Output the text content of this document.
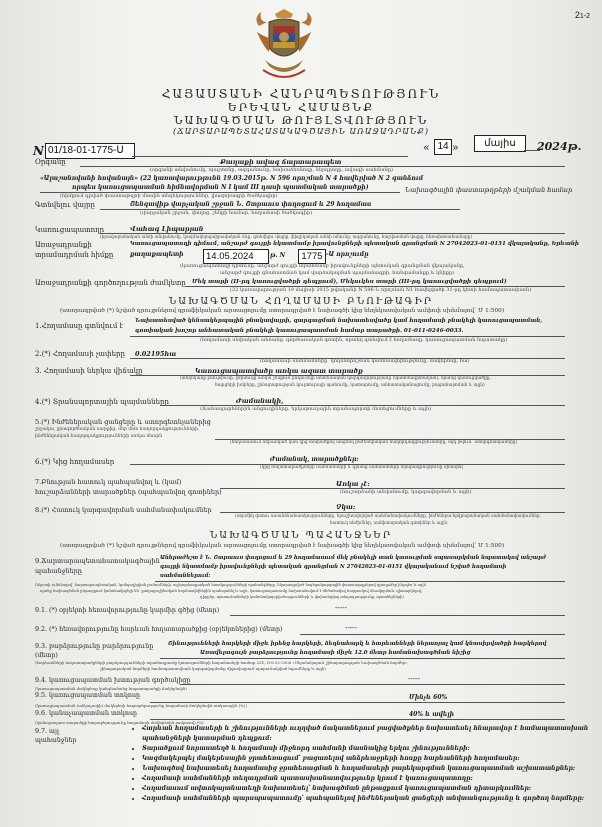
21-2
ՀԱՅԱՍՏԱՆԻ ՀԱՆՐԱՊԵՏՈՒԹՅՈՒՆ
ԵՐԵՎԱՆ ՀԱՄԱՅՆՔ
ՆԱԽԱԳԾՄԱՆ ԹՈՒՅԼՏՎՈՒԹՅՈՒՆ
(ՃԱՐՏԱՐԱՊԵՏԱՀԱՏԱԿԱԳԾԱՅԻՆ ԱՌԱՋԱԴՐԱՆՔ)
N 01/18-01-1775-Ս	« 14 »	մայիս	2024թ.
Օրգանը	Քաղաքի ավագ ճարտարապետ
(օրգանի անվանումը, պաշտոնը, ազգանունը, նախաձեռնողը, ներդրողը, ավագի սահմանը)
«Ալաշանովանի հովանայն» (22 կառավարությունն 19.03.2015թ. N 596 որոշման N 4 հավելված N 2 գանձում
որպես կառուցապատման հիմնավորման N I կամ III դասի պատմական տարածքի)	Նախագծային փաստաթղթերի մշակման համար
(հիմքում դրված փաստաթղթի մասին տեղեկություններ, լիազորագրի ծածկագիր)
Գտնվելու վայրը	Շենգավիթ վարչական շրջան Ն. Շտրաուս փողոցում և 29 հողամաս
(վարչական շրջան, փողոց, շենքի համար, հողամասի ծածկագիր)
Կառուցապատողը	Վահագ Լիպարյան
(իրավաբանական անձի անվանումը, կազմակերպաիրավական ձևը, գտնվելու վայրը, ֆիզիկական անձի անունը, ազգանունը, հաշվառման վայրը, հեռախոսահամարը)
Առաջադրանքի
տրամադրման հիմքը
Կառուցապատողի դիմում, անշարժ գույքի նկատմամբ իրավունքների պետական գրանցման N 27042023-01-0151 վկայականը, Երևանի
քաղաքապետի	14.05.2024	թ. N	1775 -Ա որոշումը
(կառուցապատողի դիմումը, անշարժ գույքի նկատմամբ իրավունքների պետական գրանցման վկայականը,
անշարժ գույքի գնահատման կամ վարձակալման պայմանագրի, հանգամանքը և կնիքը)
Առաջադրանքի գործողության ժամկետը Մեկ տարի (II-րդ կառուցվածքի դեպքում), Մեկուկես տարի (III-րդ կառուցվածքի դեպքում)
(22 կառավարության 19 մայիսի 2015 թվականի N 596-Ն որոշման N1 հավելվածի 31-րդ կետի համապատասխան)
ՆԱԽԱԳԾՄԱՆ ՀՈՂԱՄԱՍԻ ԲՆՈՒԹԱԳԻՐ
(ստորագրված (*) նշված դրույթներով գրաֆիկական արտացոլումը ստորագրված է նախագծի կից նեղեկատվական ամփոփ սխեմայով՝ Մ 1:500)
1.Հողամասը գտնվում է
Նախատեսված կենսակերպային բնակավայրի, զարգացման նախատեսվածը կամ հողամասի բնակելի կառուցապատման,
գոտիական խոշոր անհատական բնակելի կառուցապատման համար տարածքի. 01-011-0246-0033.
(հողամասի սեփական անձանց, գործառական գոտին, որտեղ գտնվում է հողամասը, կառուցապատման նպատակը)
2.(*) Հողամասի չափերը 0.02195հա
(հողամասի սահմանները՝ կողմնորոշման կանոնավորությունը, մակերեսը, հա)
3. Հողամասի ներկա վիճակը	Կառուցապատվածը առկա ազատ տարածք
(տեղեկանք բնությունը, ջերմուկը առկա շենքում ընդունելի տնտեսական կարգավորությանը (պատմագիտական), նրանց կառուցվածքը,
հարցերի խմբերը, շինարարության կուլտուրայի պահումը, կատարումը, անհատականացումը, բացահայտման և այլն)
4.(*) Տրանսպորտային պայմանները	Ժամանակի,
(Ճանապարհներին անցուղիները, երկաթուղային տրանսպորտի մոտեցումները և այլն)
5.(*) Ինժեներական ցանցերը և ստորգետնյաներից
շրջակա, ջրագործնական սարքից, մեր մոտ հաղորդակցությունների,
ինժեներական հաղորդակցությունների առկա մասին
(հողամասում ներառված կամ կից տարածքով անցնող ինժեներական հաղորդակցությունները, այդ թվում՝ ստորգետնյաները)
6.(*) Կից հողամասեր	Ժամանակ, տարածքներ:
(կից հողատարածքների սահմանների և դրանց սահմանների նկարագրությունը միասին)
7.Բնության հատուկ պահպանվող և (կամ)
հուշարձանների տարածքներ (պահպանվող գոտիներ)
Առկա չէ:
(հուշարձանի անվանումը, կարգավորման և այլն)
8.(*) Հատուկ կարգավորման սահմանափակումներ	Չկա:
(սեյսմիկ գոտու առանձնահատկությունները, երաշխավորված սահմանափակումները, ինժեներա-երկրաբանական սահմանափակումներ,
հատուկ ռեժիմներ, սանիտարական գոտիներ և այլն)
ՆԱԽԱԳԾՄԱՆ ՊԱՀԱՆՋՆԵՐ
(ստորագրված (*) նշված դրույթներով գրաֆիկական արտացոլումը ստորագրված է նախագծի կից նեղեկատվական ամփոփ սխեմայով՝ Մ 1:500)
9.Ճարտարապետահատակագծային
պահանջները
Անհրաժեշտ է Ն. Շտրաուս փողոցում և 29 հողամասում մեկ բնակելի տան կառուցման սպասարկման նպատակով անշարժ
գույքի նկատմամբ իրավունքների պետական գրանցման N 27042023-01-0151 վկայականում նշված հողամասի
սահմաններում:
(նկատի ունենալով՝ ճարտարապետական, կոմպոզիցիոն լուծումների, աշխարհագրական հատկությունների պահանջները, նկարագրված հայեցակարգային փաստաթղթերով դրույթներ ինչպես և այլն
որոնք նախագծման ընթացքում կանոնավորելի են՝ քաղաքաշինական նորմատիվներին պահպանել և այլն, կառուցապատումը նախատեսվում է մեծածավալ հարթակով ձևավորման, դիտարկելով,
դիրքեր, պատուհանների կանոնակարգվածությունների և փոխանցվող տեղադրությունը, պատնեշների)
9.1. (*) օբյեկտի հեռավորությունը կարմիր գծից (մետր)	-----
9.2. (*) հեռավորությունը հարևան հողատարածքից (օբյեկտներից) (մետր)	-----
9.3. բարձրությունը բարձրությունը
(մետր)
Շինությունների հարկերի միջև իրենց հարկերի, ձեղնահարկ և հարևանների ներառյալ կամ կնասիրվածքի հարկերով
Առավելագույն բարձրությունը հողամասի միջև 12.0 մետր համանախագծման նիշից
(հարևանների հողատարածքների բարձրությունների տրամադրումը կառուցումների հողամասերի համար 22Շ, II-6.02-2006 «Սեյսմակայուն շինարարության Նախագծման նորմեր»
շինարարական նորմերի համապատասխան կարգավորմանը միջավայրում պարունակված հղումները և այլն)
9.4. կառուցապատման խտության գործակիցը	-----
(կառուցապատման մակերեսը կանգնածանց հողատարածքի մակերեսին)
9.5. կառուցապատման տոկոսը	Մինչև 60%
(կառուցապատման (տնկաչափի) մակերեսի հարաբերությունը հողամասի մակերեսին տոկոսային (%))
9.6. կանաչապատման տոկոսը	40% և ավելի
(կանաչապատ տարածքի հարաբերությունը հողամասի մակերեսին տոկոսով) (%)
9.7. այլ
պահանջներ
• Հարևան հողամասերի և շինությունների ուղղված ճակատներում բացվածքներ նախատեսել հնարավոր է համապատասխան
պահանջների կատարման դեպքում:
• Տարածքում նորաստեղծ և հողամասի միջնորդ սահմանի մասնակից երկու շինությունների:
• Կազմակերպել մակերեսային ջրահեռացում՝ բացառելով անձրևաջրերի հոսքը հարևանների հողամասեր:
• Նախագծով նախատեսել հողամասից ջրահեռացման և հողամասերի բարեկարգման կառուցապատման աշխատանքներ:
• Հողամասի սահմանների տեղադրման պատասխանատվությունը կրում է կառուցապատողը:
• Հողամասում ավտոկայանատեղի նախատեսել՝ նախագծման ընթացքում կառուցապատման դիտարկումներ:
• Հողամասի սահմանների պարսպապատումը՝ պահպանելով ինժեներական ցանցերի անվտանգությունը և գործող նորմերը:
